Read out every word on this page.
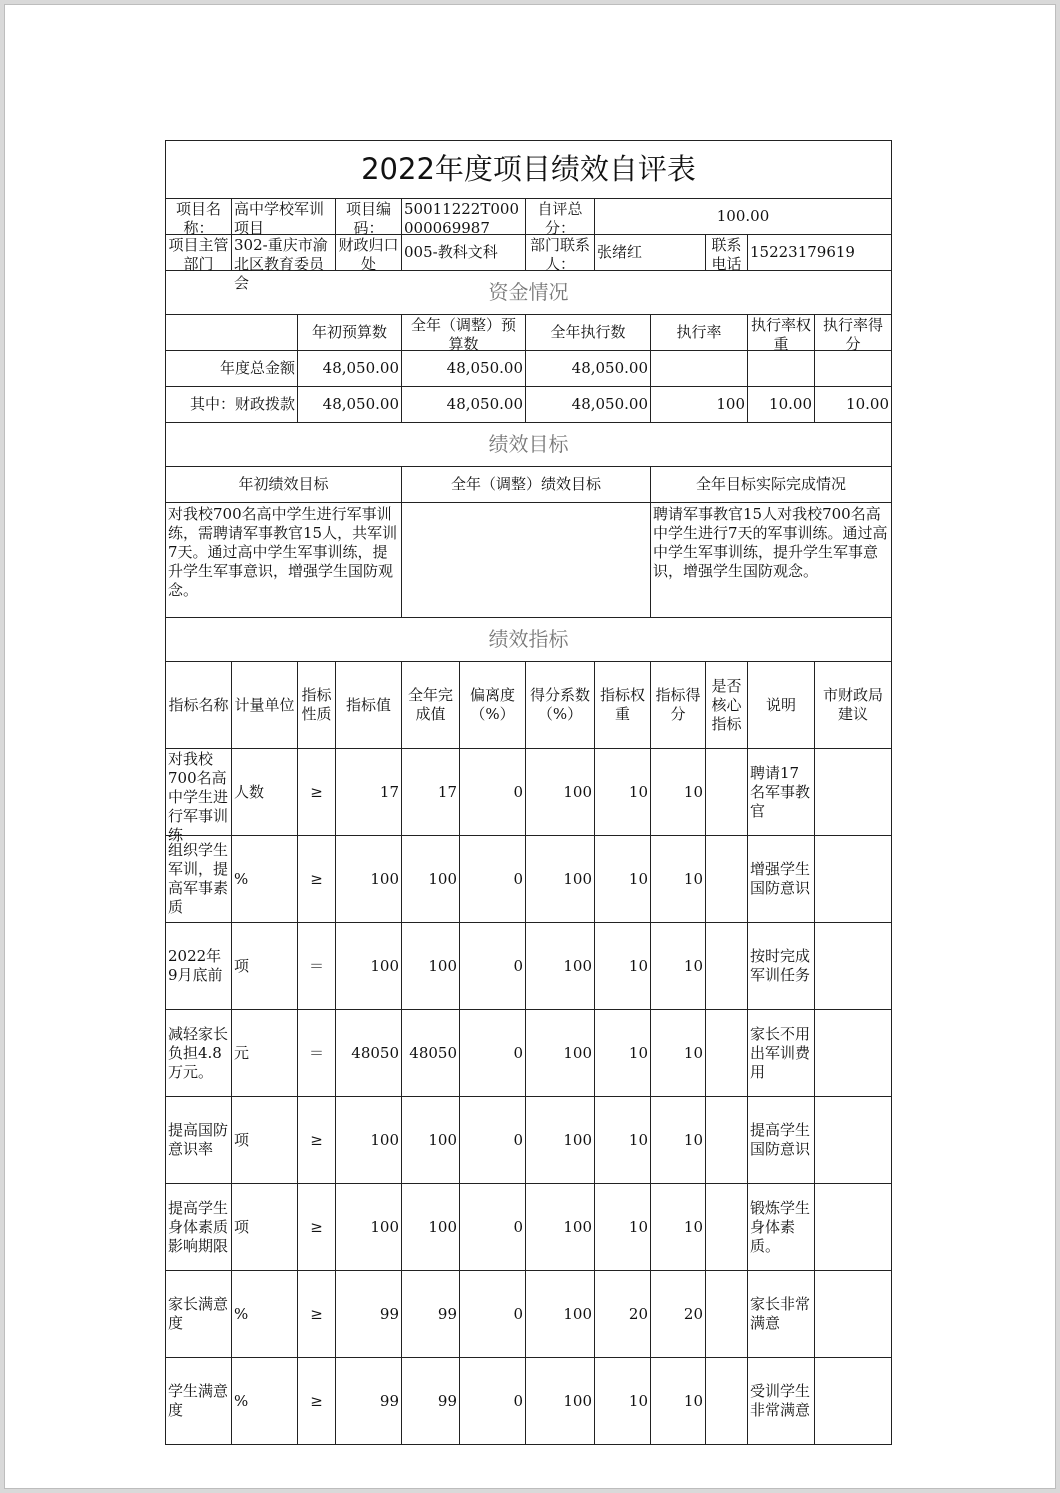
2022年度项目绩效自评表											

项目名称：	高中学校军训项目		项目编码：	50011222T000000069987		自评总分：	100.00				

项目主管部门	302-重庆市渝北区教育委员会		财政归口处	005-教科文科		部门联系人：	张绪红		联系电话	15223179619	
资金情况											
		年初预算数		全年（调整）预算数		全年执行数		执行率		执行率权重	执行率得分

年度总金额		48,050.00		48,050.00		48,050.00					
其中：财政拨款		48,050.00		48,050.00		48,050.00		100		10.00	10.00
绩效目标											
年初绩效目标				全年（调整）绩效目标				全年目标实际完成情况			
对我校700名高中学生进行军事训练，需聘请军事教官15人，共军训7天。通过高中学生军事训练，提升学生军事意识，增强学生国防观念。								聘请军事教官15人对我校700名高中学生进行7天的军事训练。通过高中学生军事训练，提升学生军事意识，增强学生国防观念。			
绩效指标											
指标名称	计量单位	指标性质	指标值	全年完成值	偏离度（%）	得分系数（%）	指标权重	指标得分	是否核心指标	说明	市财政局建议

对我校700名高中学生进行军事训练	人数	≥	17	17	0	100	10	10		聘请17名军事教官	

组织学生军训，提高军事素质	%	≥	100	100	0	100	10	10		增强学生国防意识	

2022年9月底前	项	＝	100	100	0	100	10	10		按时完成军训任务	

减轻家长负担4.8万元。	元	＝	48050	48050	0	100	10	10		家长不用出军训费用	

提高国防意识率	项	≥	100	100	0	100	10	10		提高学生国防意识	

提高学生身体素质影响期限	项	≥	100	100	0	100	10	10		锻炼学生身体素质。	

家长满意度	%	≥	99	99	0	100	20	20		家长非常满意	

学生满意度	%	≥	99	99	0	100	10	10		受训学生非常满意	
